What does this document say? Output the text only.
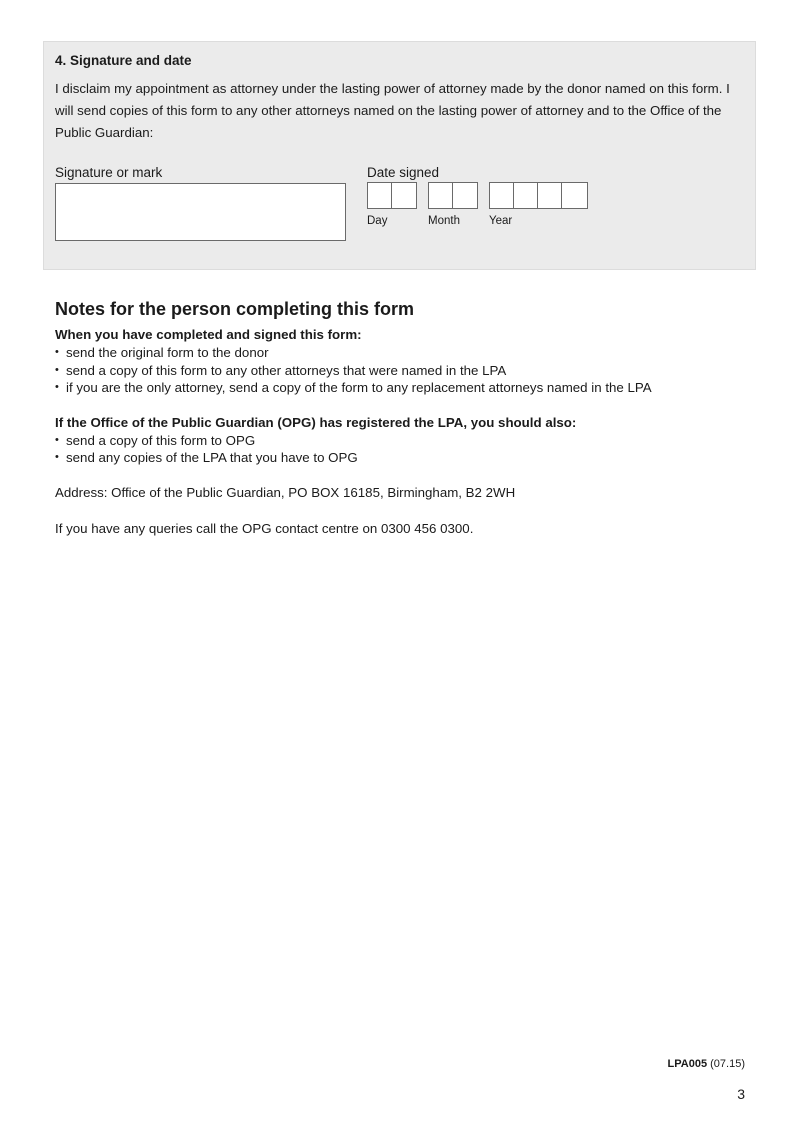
4. Signature and date

I disclaim my appointment as attorney under the lasting power of attorney made by the donor named on this form. I will send copies of this form to any other attorneys named on the lasting power of attorney and to the Office of the Public Guardian:

Signature or mark	Date signed
Day	Month	Year
Notes for the person completing this form

When you have completed and signed this form:

• send the original form to the donor
• send a copy of this form to any other attorneys that were named in the LPA
• if you are the only attorney, send a copy of the form to any replacement attorneys named in the LPA

If the Office of the Public Guardian (OPG) has registered the LPA, you should also:

• send a copy of this form to OPG
• send any copies of the LPA that you have to OPG

Address: Office of the Public Guardian, PO BOX 16185, Birmingham, B2 2WH

If you have any queries call the OPG contact centre on 0300 456 0300.

LPA005 (07.15)
3
